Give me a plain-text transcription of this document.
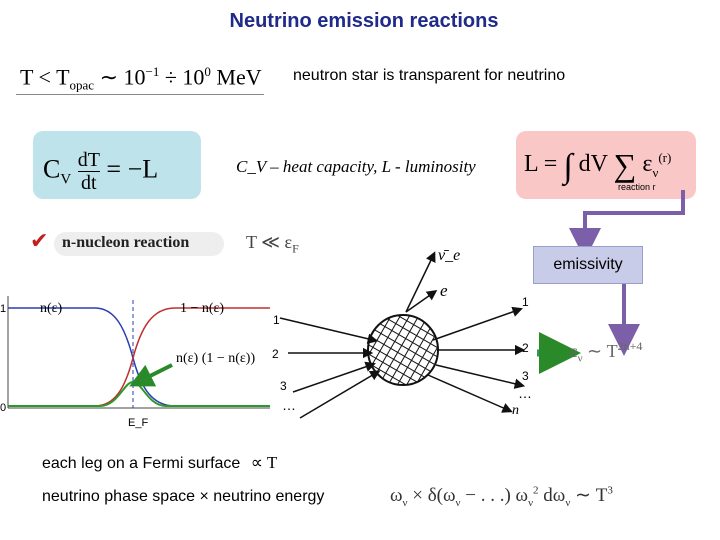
Neutrino emission reactions
$T < T_{opac}$ ∼ $10^{-1} \div 10^0$ MeV neutron star is transparent for neutrino
$C_V \frac{dT}{dt} = -L$	C_V – heat capacity, L - luminosity L = ∫ dV ∑ $\varepsilon_\nu^{(r)}$
reaction r
✔ n-nucleon reaction	T ≪ $\varepsilon_F$
emissivity
1
0
n(ε)	1 − n(ε)
n(ε) (1 − n(ε))
E_F
ν̄_e
e
1
2
3
…
1
2
3
…
n
$\varepsilon_\nu$ ∼ $T^{2n+4}$
each leg on a Fermi surface ∝ T
neutrino phase space × neutrino energy	$\omega_\nu \times \delta(\omega_\nu$ − . . .) $\omega_\nu^2$ $d\omega_\nu$ ∼ $T^3$
